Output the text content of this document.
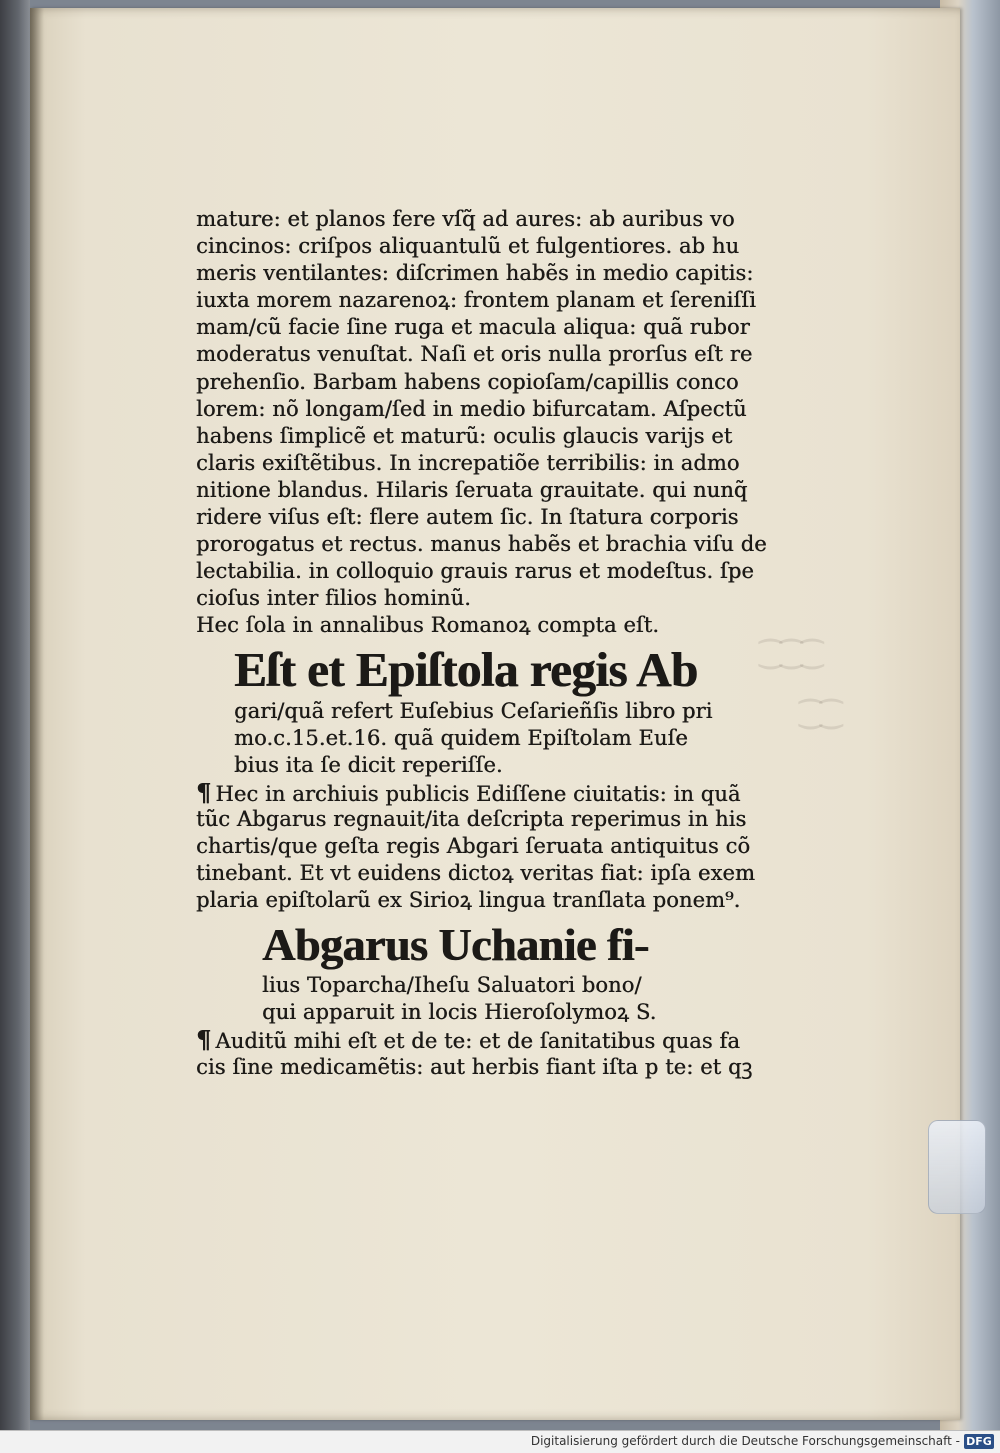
⁐⁐⁐
⁐⁐
mature: et planos fere vſq̃ ad aures: ab auribus vo
cincinos: criſpos aliquantulũ et fulgentiores. ab hu
meris ventilantes: diſcrimen habẽs in medio capitis:
iuxta morem nazarenoꝝ: frontem planam et ſereniſſi
mam/cũ facie ſine ruga et macula aliqua: quã rubor
moderatus venuſtat. Naſi et oris nulla prorſus eſt re
prehenſio. Barbam habens copioſam/capillis conco
lorem: nõ longam/ſed in medio bifurcatam. Aſpectũ
habens ſimplicẽ et maturũ: oculis glaucis varijs et
claris exiſtẽtibus. In increpatiõe terribilis: in admo
nitione blandus. Hilaris ſeruata grauitate. qui nunq̃
ridere viſus eſt: flere autem ſic. In ſtatura corporis
prorogatus et rectus. manus habẽs et brachia viſu de
lectabilia. in colloquio grauis rarus et modeſtus. ſpe
cioſus inter filios hominũ.
Hec ſola in annalibus Romanoꝝ compta eſt.
Eſt et Epiſtola regis Ab
gari/quã refert Euſebius Ceſarieñſis libro pri
mo.c.15.et.16. quã quidem Epiſtolam Euſe
bius ita ſe dicit reperiſſe.
¶ Hec in archiuis publicis Ediſſene ciuitatis: in quã
tũc Abgarus regnauit/ita deſcripta reperimus in his
chartis/que geſta regis Abgari ſeruata antiquitus cõ
tinebant. Et vt euidens dictoꝝ veritas fiat: ipſa exem
plaria epiſtolarũ ex Sirioꝝ lingua tranſlata ponem⁹.
Abgarus Uchanie fi-
lius Toparcha/Iheſu Saluatori bono/
qui apparuit in locis Hieroſolymoꝝ S.
¶ Auditũ mihi eſt et de te: et de ſanitatibus quas fa
cis ſine medicamẽtis: aut herbis fiant iſta p te: et qꝫ
Digitalisierung gefördert durch die Deutsche Forschungsgemeinschaft - DFG
